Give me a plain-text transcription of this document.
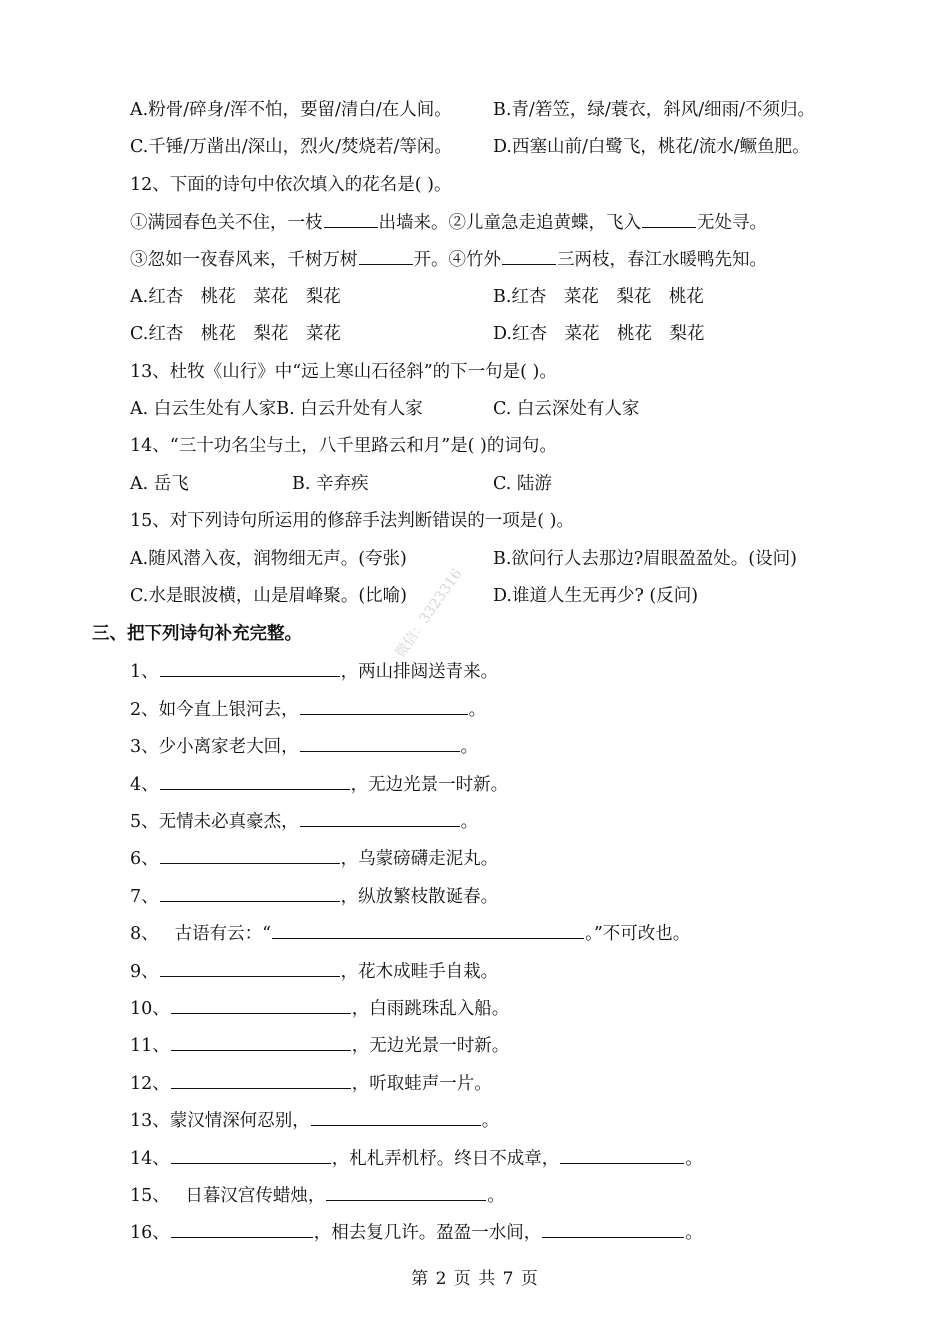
A.粉骨/碎身/浑不怕，要留/清白/在人间。 B.青/箬笠，绿/蓑衣，斜风/细雨/不须归。
C.千锤/万凿出/深山，烈火/焚烧若/等闲。 D.西塞山前/白鹭飞，桃花/流水/鳜鱼肥。
12、下面的诗句中依次填入的花名是( )。
①满园春色关不住，一枝	出墙来。②儿童急走追黄蝶，飞入	无处寻。
③忽如一夜春风来，千树万树	开。④竹外	三两枝，春江水暖鸭先知。
A.红杏　桃花　菜花　梨花	B.红杏　菜花　梨花　桃花
C.红杏　桃花　梨花　菜花	D.红杏　菜花　桃花　梨花
13、杜牧《山行》中“远上寒山石径斜”的下一句是( )。
A. 白云生处有人家B. 白云升处有人家	C. 白云深处有人家
14、“三十功名尘与土，八千里路云和月”是( )的词句。
A. 岳飞	B. 辛弃疾	C. 陆游
15、对下列诗句所运用的修辞手法判断错误的一项是( )。
A.随风潜入夜，润物细无声。(夸张)	B.欲问行人去那边?眉眼盈盈处。(设问)
C.水是眼波横，山是眉峰聚。(比喻)	D.谁道人生无再少? (反问)
三、把下列诗句补充完整。
1、	，两山排闼送青来。
2、如今直上银河去，	。
3、少小离家老大回，	。
4、	，无边光景一时新。
5、无情未必真豪杰，	。
6、	，乌蒙磅礴走泥丸。
7、	，纵放繁枝散诞春。
8、 古语有云：“	。”不可改也。
9、	，花木成畦手自栽。
10、	，白雨跳珠乱入船。
11、	，无边光景一时新。
12、	，听取蛙声一片。
13、蒙汉情深何忍别，	。
14、	，札札弄机杼。终日不成章，	。
15、 日暮汉宫传蜡烛，	。
16、	，相去复几许。盈盈一水间，	。
微信：3323316
第 2 页 共 7 页
